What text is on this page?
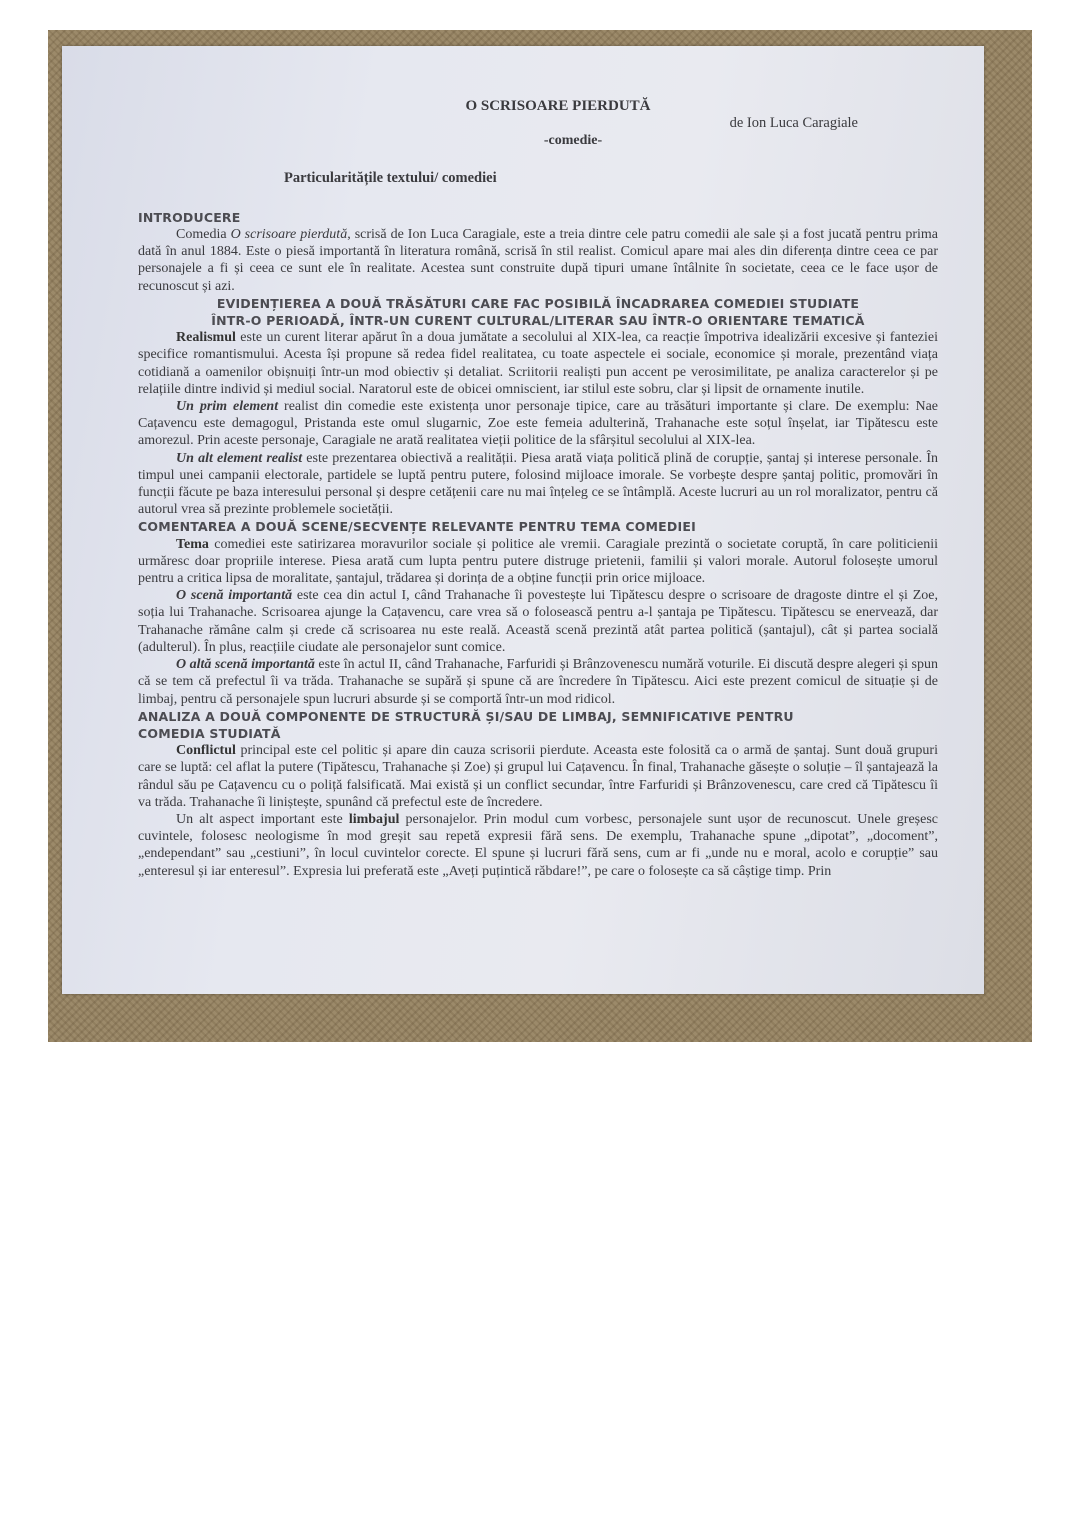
O SCRISOARE PIERDUTĂ

de Ion Luca Caragiale

-comedie-

Particularitățile textului/ comediei

INTRODUCERE

Comedia O scrisoare pierdută, scrisă de Ion Luca Caragiale, este a treia dintre cele patru comedii ale sale și a fost jucată pentru prima dată în anul 1884. Este o piesă importantă în literatura română, scrisă în stil realist. Comicul apare mai ales din diferența dintre ceea ce par personajele a fi și ceea ce sunt ele în realitate. Acestea sunt construite după tipuri umane întâlnite în societate, ceea ce le face ușor de recunoscut și azi.

EVIDENȚIEREA A DOUĂ TRĂSĂTURI CARE FAC POSIBILĂ ÎNCADRAREA COMEDIEI STUDIATE

ÎNTR-O PERIOADĂ, ÎNTR-UN CURENT CULTURAL/LITERAR SAU ÎNTR-O ORIENTARE TEMATICĂ

Realismul este un curent literar apărut în a doua jumătate a secolului al XIX-lea, ca reacție împotriva idealizării excesive și fanteziei specifice romantismului. Acesta își propune să redea fidel realitatea, cu toate aspectele ei sociale, economice și morale, prezentând viața cotidiană a oamenilor obișnuiți într-un mod obiectiv și detaliat. Scriitorii realiști pun accent pe verosimilitate, pe analiza caracterelor și pe relațiile dintre individ și mediul social. Naratorul este de obicei omniscient, iar stilul este sobru, clar și lipsit de ornamente inutile.

Un prim element realist din comedie este existența unor personaje tipice, care au trăsături importante și clare. De exemplu: Nae Cațavencu este demagogul, Pristanda este omul slugarnic, Zoe este femeia adulterină, Trahanache este soțul înșelat, iar Tipătescu este amorezul. Prin aceste personaje, Caragiale ne arată realitatea vieții politice de la sfârșitul secolului al XIX-lea.

Un alt element realist este prezentarea obiectivă a realității. Piesa arată viața politică plină de corupție, șantaj și interese personale. În timpul unei campanii electorale, partidele se luptă pentru putere, folosind mijloace imorale. Se vorbește despre șantaj politic, promovări în funcții făcute pe baza interesului personal și despre cetățenii care nu mai înțeleg ce se întâmplă. Aceste lucruri au un rol moralizator, pentru că autorul vrea să prezinte problemele societății.

COMENTAREA A DOUĂ SCENE/SECVENȚE RELEVANTE PENTRU TEMA COMEDIEI

Tema comediei este satirizarea moravurilor sociale și politice ale vremii. Caragiale prezintă o societate coruptă, în care politicienii urmăresc doar propriile interese. Piesa arată cum lupta pentru putere distruge prietenii, familii și valori morale. Autorul folosește umorul pentru a critica lipsa de moralitate, șantajul, trădarea și dorința de a obține funcții prin orice mijloace.

O scenă importantă este cea din actul I, când Trahanache îi povestește lui Tipătescu despre o scrisoare de dragoste dintre el și Zoe, soția lui Trahanache. Scrisoarea ajunge la Cațavencu, care vrea să o folosească pentru a-l șantaja pe Tipătescu. Tipătescu se enervează, dar Trahanache rămâne calm și crede că scrisoarea nu este reală. Această scenă prezintă atât partea politică (șantajul), cât și partea socială (adulterul). În plus, reacțiile ciudate ale personajelor sunt comice.

O altă scenă importantă este în actul II, când Trahanache, Farfuridi și Brânzovenescu numără voturile. Ei discută despre alegeri și spun că se tem că prefectul îi va trăda. Trahanache se supără și spune că are încredere în Tipătescu. Aici este prezent comicul de situație și de limbaj, pentru că personajele spun lucruri absurde și se comportă într-un mod ridicol.

ANALIZA A DOUĂ COMPONENTE DE STRUCTURĂ ȘI/SAU DE LIMBAJ, SEMNIFICATIVE PENTRU

COMEDIA STUDIATĂ

Conflictul principal este cel politic și apare din cauza scrisorii pierdute. Aceasta este folosită ca o armă de șantaj. Sunt două grupuri care se luptă: cel aflat la putere (Tipătescu, Trahanache și Zoe) și grupul lui Cațavencu. În final, Trahanache găsește o soluție – îl șantajează la rândul său pe Cațavencu cu o poliță falsificată. Mai există și un conflict secundar, între Farfuridi și Brânzovenescu, care cred că Tipătescu îi va trăda. Trahanache îi liniștește, spunând că prefectul este de încredere.

Un alt aspect important este limbajul personajelor. Prin modul cum vorbesc, personajele sunt ușor de recunoscut. Unele greșesc cuvintele, folosesc neologisme în mod greșit sau repetă expresii fără sens. De exemplu, Trahanache spune „dipotat”, „docoment”, „endependant” sau „cestiuni”, în locul cuvintelor corecte. El spune și lucruri fără sens, cum ar fi „unde nu e moral, acolo e corupție” sau „enteresul și iar enteresul”. Expresia lui preferată este „Aveți puțintică răbdare!”, pe care o folosește ca să câștige timp. Prin
